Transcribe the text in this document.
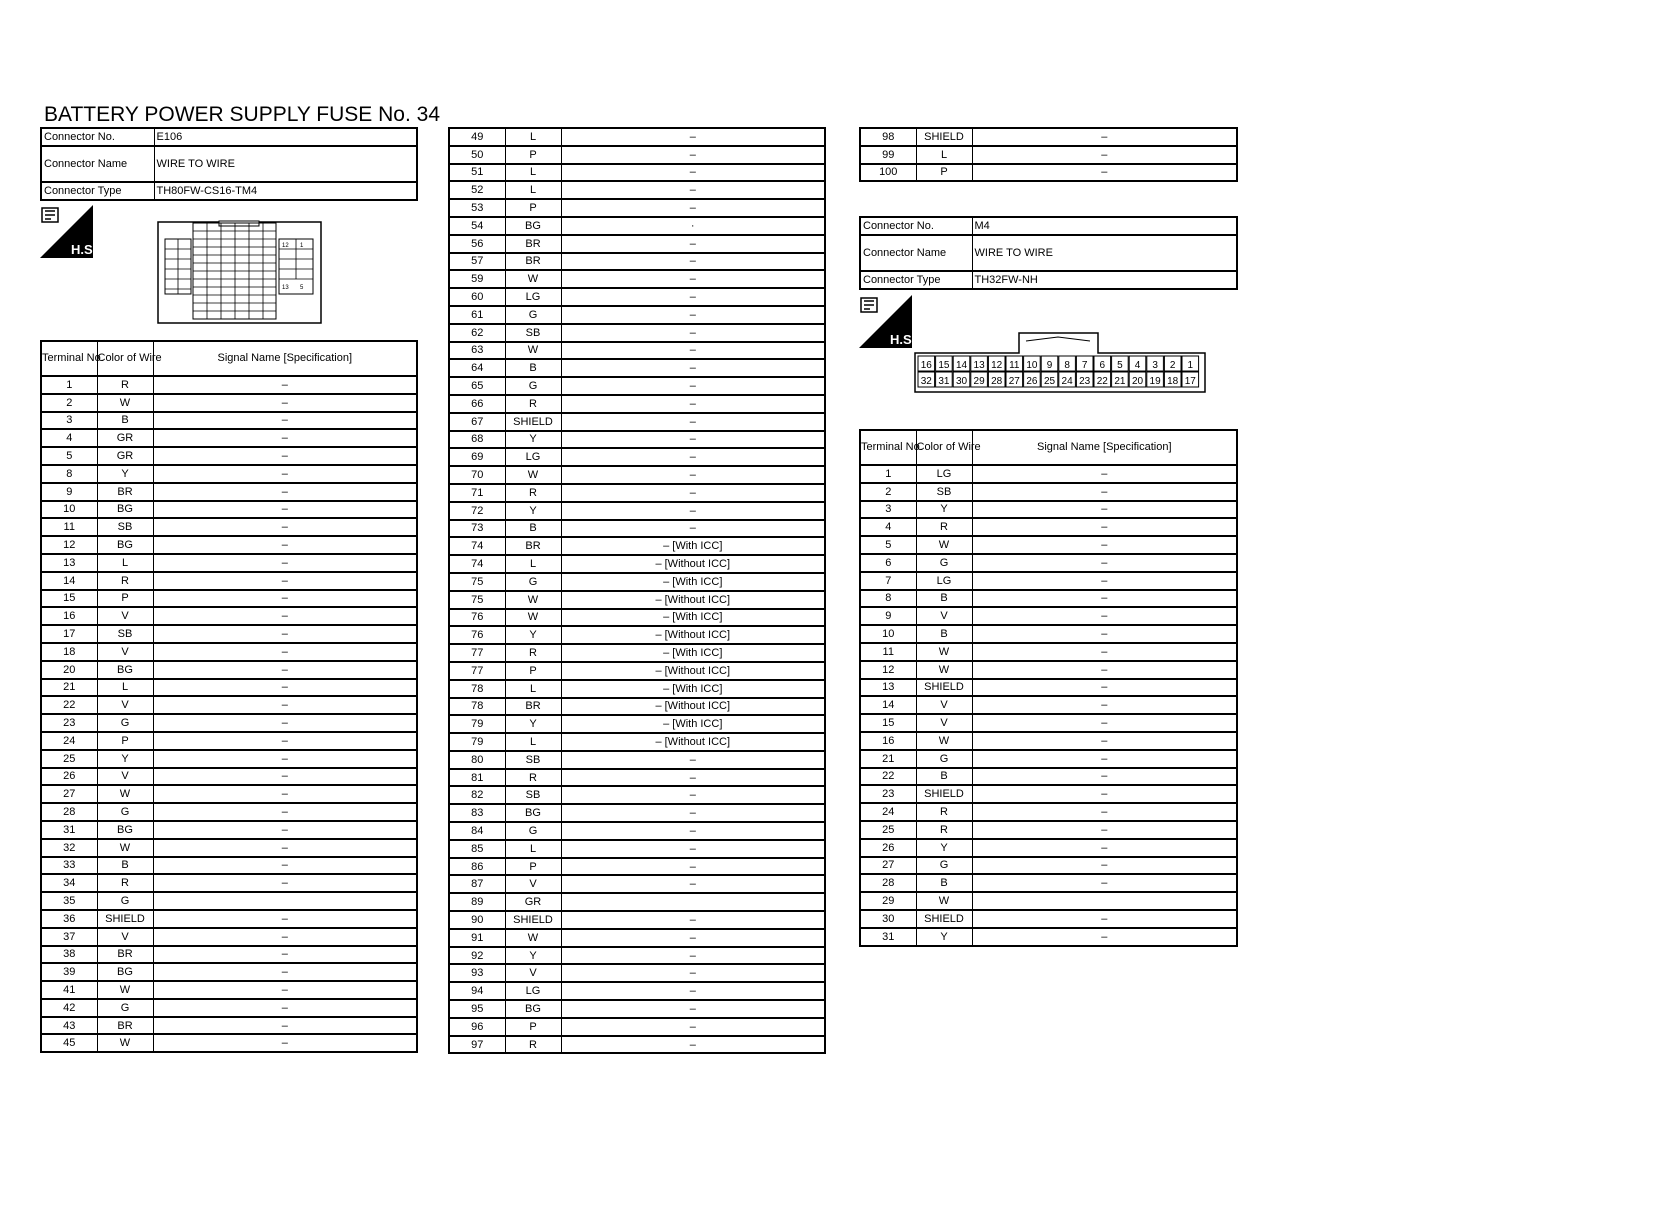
BATTERY POWER SUPPLY FUSE No. 34
Connector No.	E106
Connector Name	WIRE TO WIRE
Connector Type	TH80FW-CS16-TM4
H.S.
13 5
12 1
Connector No.	M4
Connector Name	WIRE TO WIRE
Connector Type	TH32FW-NH
H.S.
16 15 14 13 12 11 10 9 8 7 6 5 4 3 2 1
32 31 30 29 28 27 26 25 24 23 22 21 20 19 18 17
Terminal No.	Color of Wire	Signal Name [Specification]
1	R	–
2	W	–
3	B	–
4	GR	–
5	GR	–
8	Y	–
9	BR	–
10	BG	–
11	SB	–
12	BG	–
13	L	–
14	R	–
15	P	–
16	V	–
17	SB	–
18	V	–
20	BG	–
21	L	–
22	V	–
23	G	–
24	P	–
25	Y	–
26	V	–
27	W	–
28	G	–
31	BG	–
32	W	–
33	B	–
34	R	–
35	G	
36	SHIELD	–
37	V	–
38	BR	–
39	BG	–
41	W	–
42	G	–
43	BR	–
45	W	–
49	L	–
50	P	–
51	L	–
52	L	–
53	P	–
54	BG	·
56	BR	–
57	BR	–
59	W	–
60	LG	–
61	G	–
62	SB	–
63	W	–
64	B	–
65	G	–
66	R	–
67	SHIELD	–
68	Y	–
69	LG	–
70	W	–
71	R	–
72	Y	–
73	B	–
74	BR	– [With ICC]
74	L	– [Without ICC]
75	G	– [With ICC]
75	W	– [Without ICC]
76	W	– [With ICC]
76	Y	– [Without ICC]
77	R	– [With ICC]
77	P	– [Without ICC]
78	L	– [With ICC]
78	BR	– [Without ICC]
79	Y	– [With ICC]
79	L	– [Without ICC]
80	SB	–
81	R	–
82	SB	–
83	BG	–
84	G	–
85	L	–
86	P	–
87	V	–
89	GR	
90	SHIELD	–
91	W	–
92	Y	–
93	V	–
94	LG	–
95	BG	–
96	P	–
97	R	–
98	SHIELD	–
99	L	–
100	P	–
Terminal No.	Color of Wire	Signal Name [Specification]
1	LG	–
2	SB	–
3	Y	–
4	R	–
5	W	–
6	G	–
7	LG	–
8	B	–
9	V	–
10	B	–
11	W	–
12	W	–
13	SHIELD	–
14	V	–
15	V	–
16	W	–
21	G	–
22	B	–
23	SHIELD	–
24	R	–
25	R	–
26	Y	–
27	G	–
28	B	–
29	W	
30	SHIELD	–
31	Y	–
